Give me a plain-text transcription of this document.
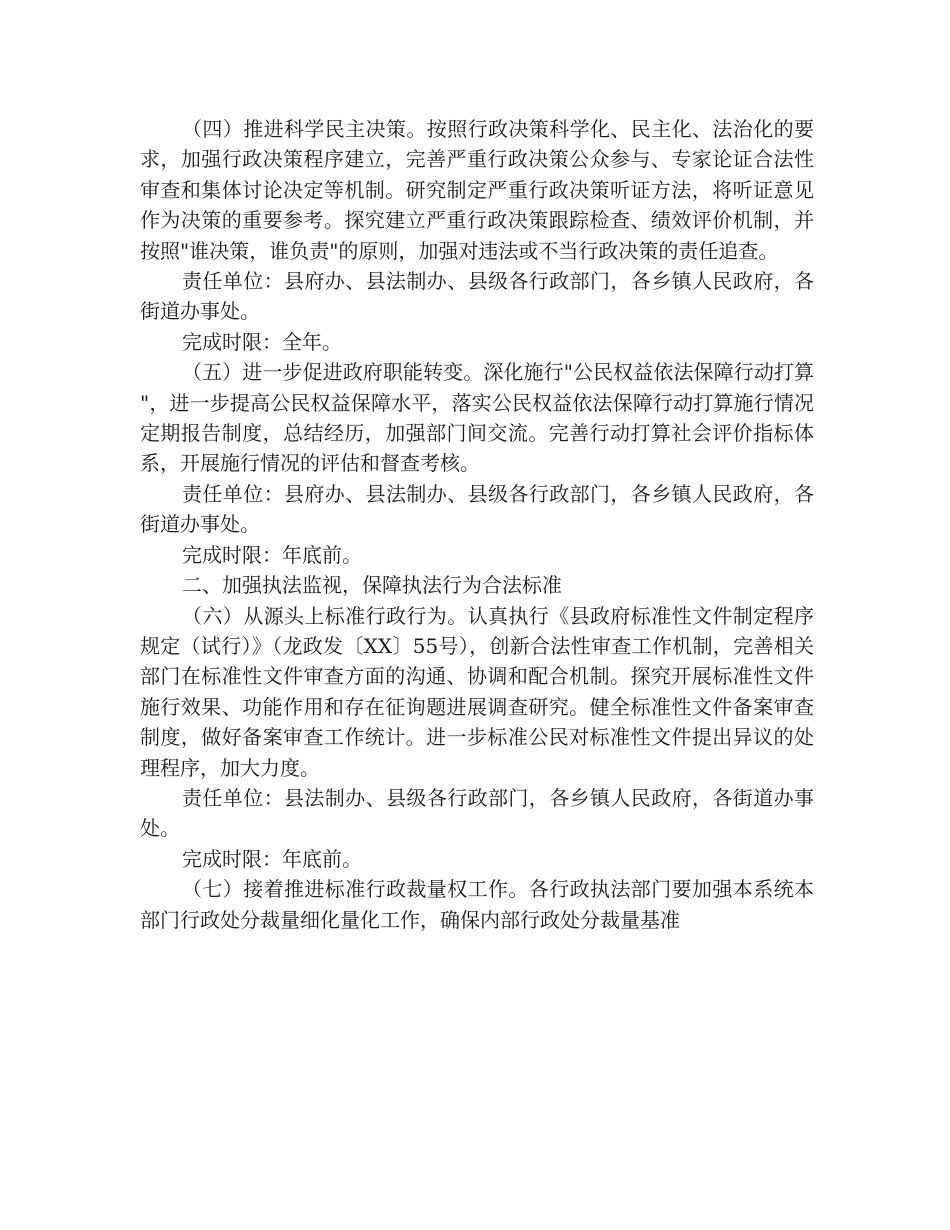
（四）推进科学民主决策。按照行政决策科学化、民主化、法治化的要求，加强行政决策程序建立，完善严重行政决策公众参与、专家论证合法性审查和集体讨论决定等机制。研究制定严重行政决策听证方法，将听证意见作为决策的重要参考。探究建立严重行政决策跟踪检查、绩效评价机制，并按照"谁决策，谁负责"的原则，加强对违法或不当行政决策的责任追查。

责任单位：县府办、县法制办、县级各行政部门，各乡镇人民政府，各街道办事处。

完成时限：全年。

（五）进一步促进政府职能转变。深化施行"公民权益依法保障行动打算"，进一步提高公民权益保障水平，落实公民权益依法保障行动打算施行情况定期报告制度，总结经历，加强部门间交流。完善行动打算社会评价指标体系，开展施行情况的评估和督查考核。

责任单位：县府办、县法制办、县级各行政部门，各乡镇人民政府，各街道办事处。

完成时限：年底前。

二、加强执法监视，保障执法行为合法标准

（六）从源头上标准行政行为。认真执行《县政府标准性文件制定程序规定（试行）》（龙政发〔XX〕55号），创新合法性审查工作机制，完善相关部门在标准性文件审查方面的沟通、协调和配合机制。探究开展标准性文件施行效果、功能作用和存在征询题进展调查研究。健全标准性文件备案审查制度，做好备案审查工作统计。进一步标准公民对标准性文件提出异议的处理程序，加大力度。

责任单位：县法制办、县级各行政部门，各乡镇人民政府，各街道办事处。

完成时限：年底前。

（七）接着推进标准行政裁量权工作。各行政执法部门要加强本系统本部门行政处分裁量细化量化工作，确保内部行政处分裁量基准
